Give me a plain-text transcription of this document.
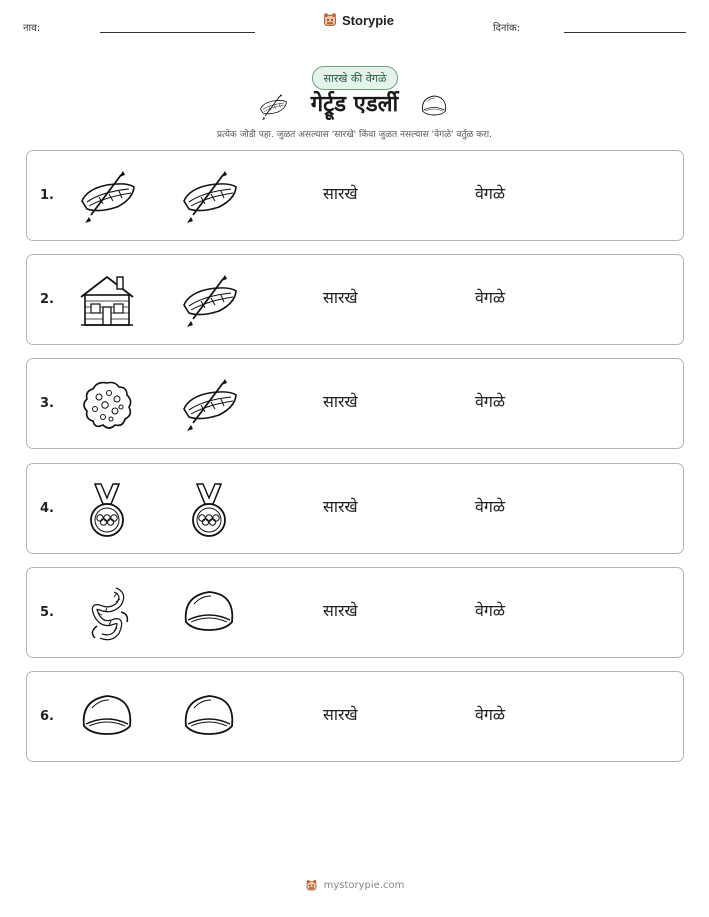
नाव:
Storypie
दिनांक:
सारखे की वेगळे
गेर्ट्रूड एडर्ली
प्रत्येक जोडी पहा. जुळत असल्यास 'सारखे' किंवा जुळत नसल्यास 'वेगळे' वर्तुळ करा.
1.	सारखे	वेगळे
2.	सारखे	वेगळे
3.	सारखे	वेगळे
4.	सारखे	वेगळे
5.	सारखे	वेगळे
6.	सारखे	वेगळे
mystorypie.com
